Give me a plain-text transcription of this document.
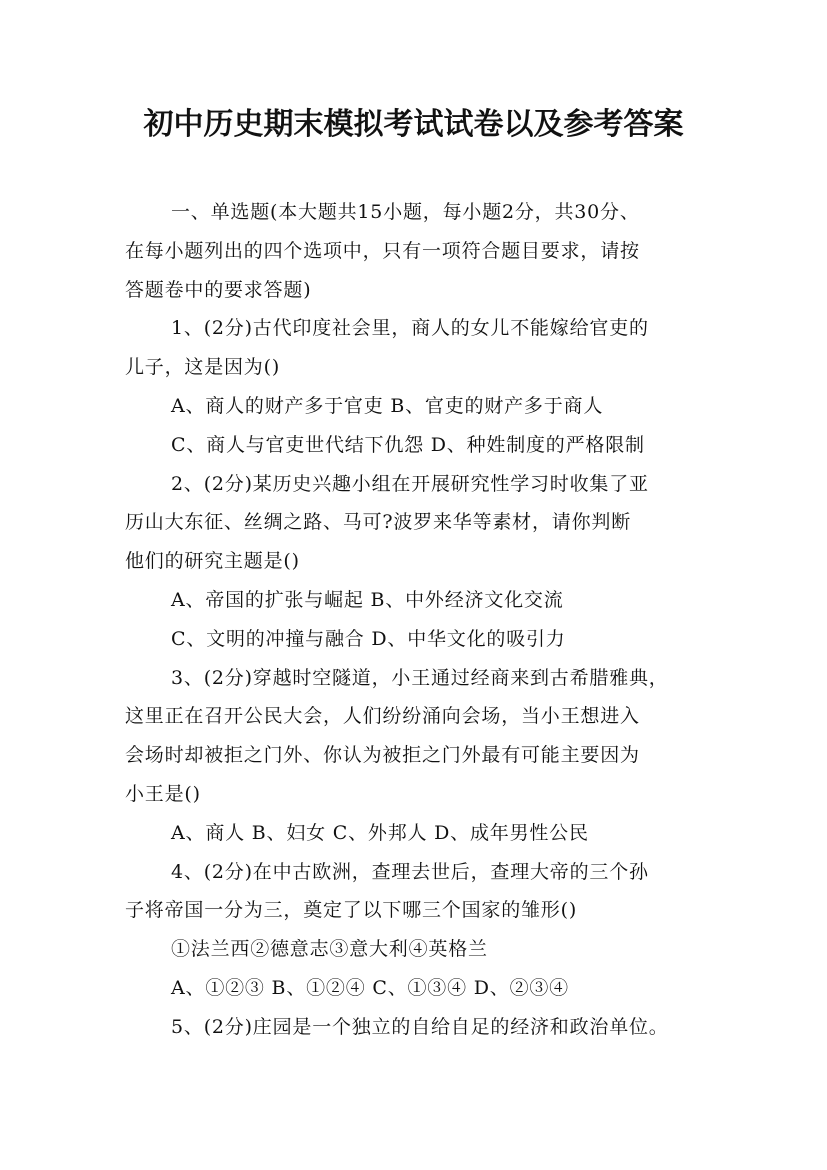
初中历史期末模拟考试试卷以及参考答案
一、单选题(本大题共15小题，每小题2分，共30分、
在每小题列出的四个选项中，只有一项符合题目要求，请按
答题卷中的要求答题)
1、(2分)古代印度社会里，商人的女儿不能嫁给官吏的
儿子，这是因为()
A、商人的财产多于官吏 B、官吏的财产多于商人
C、商人与官吏世代结下仇怨 D、种姓制度的严格限制
2、(2分)某历史兴趣小组在开展研究性学习时收集了亚
历山大东征、丝绸之路、马可?波罗来华等素材，请你判断
他们的研究主题是()
A、帝国的扩张与崛起 B、中外经济文化交流
C、文明的冲撞与融合 D、中华文化的吸引力
3、(2分)穿越时空隧道，小王通过经商来到古希腊雅典，
这里正在召开公民大会，人们纷纷涌向会场，当小王想进入
会场时却被拒之门外、你认为被拒之门外最有可能主要因为
小王是()
A、商人 B、妇女 C、外邦人 D、成年男性公民
4、(2分)在中古欧洲，查理去世后，查理大帝的三个孙
子将帝国一分为三，奠定了以下哪三个国家的雏形()
①法兰西②德意志③意大利④英格兰
A、①②③ B、①②④ C、①③④ D、②③④
5、(2分)庄园是一个独立的自给自足的经济和政治单位。
